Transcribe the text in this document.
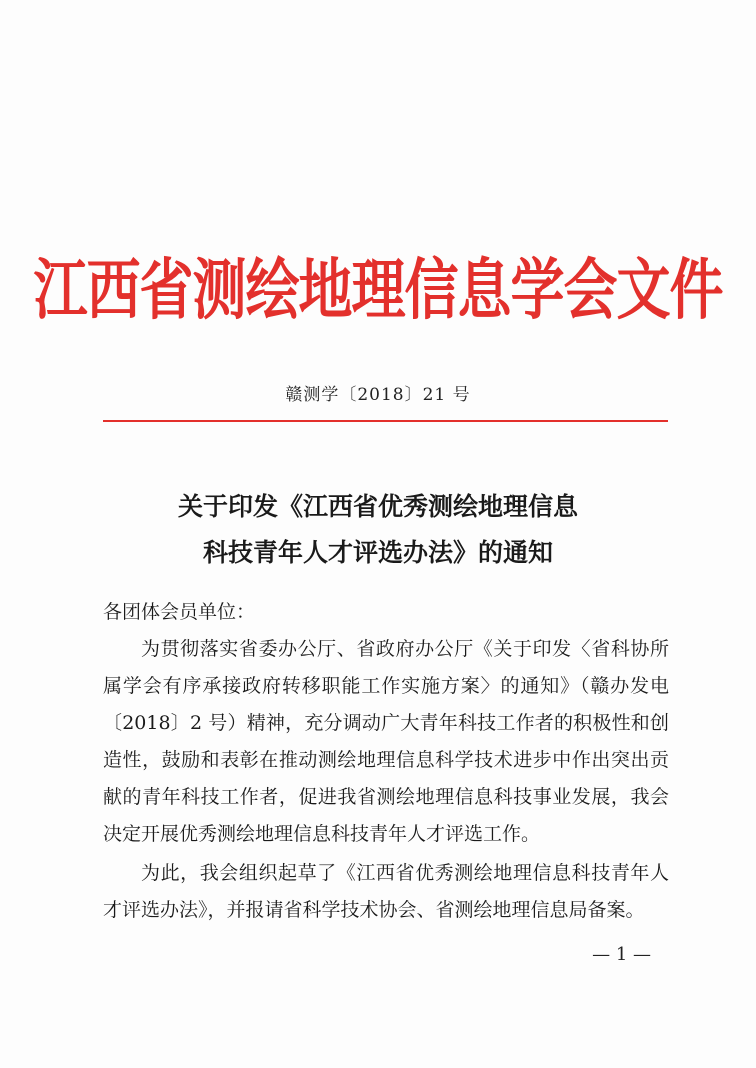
江西省测绘地理信息学会文件
赣测学〔2018〕21 号
关于印发《江西省优秀测绘地理信息
科技青年人才评选办法》的通知

各团体会员单位：

为贯彻落实省委办公厅、省政府办公厅《关于印发〈省科协所属学会有序承接政府转移职能工作实施方案〉的通知》（赣办发电〔2018〕2 号）精神，充分调动广大青年科技工作者的积极性和创造性，鼓励和表彰在推动测绘地理信息科学技术进步中作出突出贡献的青年科技工作者，促进我省测绘地理信息科技事业发展，我会决定开展优秀测绘地理信息科技青年人才评选工作。

为此，我会组织起草了《江西省优秀测绘地理信息科技青年人才评选办法》，并报请省科学技术协会、省测绘地理信息局备案。

— 1 —
